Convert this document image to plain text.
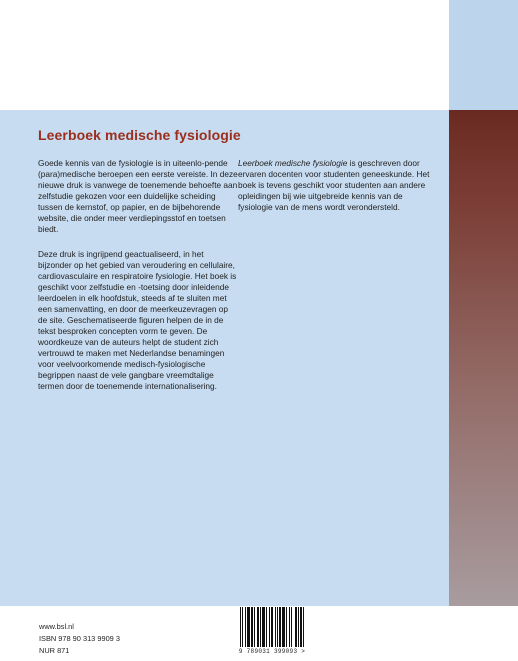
Leerboek medische fysiologie

Goede kennis van de fysiologie is in uiteenlo-pende (para)medische beroepen een eerste vereiste. In deze nieuwe druk is vanwege de toenemende behoefte aan zelfstudie gekozen voor een duidelijke scheiding tussen de kernstof, op papier, en de bijbehorende website, die onder meer verdiepingsstof en toetsen biedt.

Deze druk is ingrijpend geactualiseerd, in het bijzonder op het gebied van veroudering en cellulaire, cardiovasculaire en respiratoire fysiologie. Het boek is geschikt voor zelfstudie en -toetsing door inleidende leerdoelen in elk hoofdstuk, steeds af te sluiten met een samenvatting, en door de meerkeuzevragen op de site. Geschematiseerde figuren helpen de in de tekst besproken concepten vorm te geven. De woordkeuze van de auteurs helpt de student zich vertrouwd te maken met Nederlandse benamingen voor veelvoorkomende medisch-fysiologische begrippen naast de vele gangbare vreemdtalige termen door de toenemende internationalisering.

Leerboek medische fysiologie is geschreven door ervaren docenten voor studenten geneeskunde. Het boek is tevens geschikt voor studenten aan andere opleidingen bij wie uitgebreide kennis van de fysiologie van de mens wordt verondersteld.

www.bsl.nl
ISBN 978 90 313 9909 3
NUR 871	9 789031 399093 >
